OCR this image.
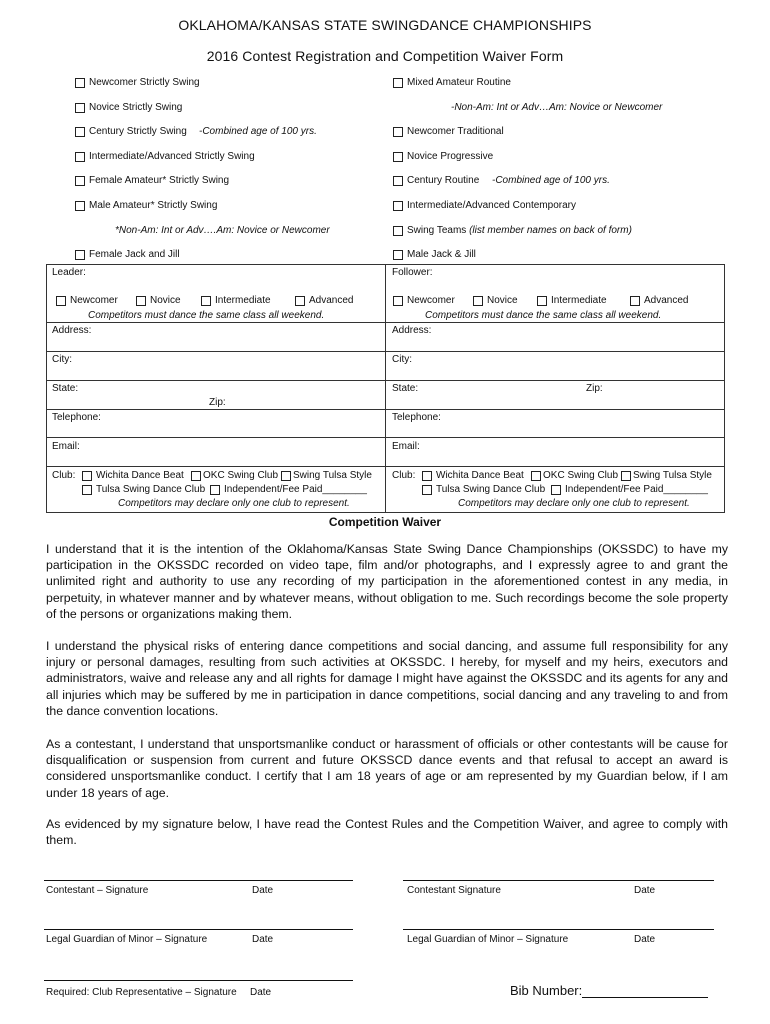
OKLAHOMA/KANSAS STATE SWINGDANCE CHAMPIONSHIPS
2016 Contest Registration and Competition Waiver Form
Newcomer Strictly Swing
Novice Strictly Swing
Century Strictly Swing -Combined age of 100 yrs.
Intermediate/Advanced Strictly Swing
Female Amateur* Strictly Swing
Male Amateur* Strictly Swing
*Non-Am: Int or Adv….Am: Novice or Newcomer
Female Jack and Jill
Mixed Amateur Routine
-Non-Am: Int or Adv…Am: Novice or Newcomer
Newcomer Traditional
Novice Progressive
Century Routine -Combined age of 100 yrs.
Intermediate/Advanced Contemporary
Swing Teams
(list member names on back of form)
Male Jack & Jill
Leader:
Newcomer	Novice	Intermediate	Advanced
Competitors must dance the same class all weekend.
Address:
City:
State:
Zip:
Telephone:
Email:
Club: Wichita Dance Beat OKC Swing Club Swing Tulsa Style
Tulsa Swing Dance Club Independent/Fee Paid________
Competitors may declare only one club to represent.
Follower:
Newcomer	Novice	Intermediate	Advanced
Competitors must dance the same class all weekend.
Address:
City:
State:	Zip:
Telephone:
Email:
Club: Wichita Dance Beat OKC Swing Club Swing Tulsa Style
Tulsa Swing Dance Club Independent/Fee Paid________
Competitors may declare only one club to represent.
Competition Waiver
I understand that it is the intention of the Oklahoma/Kansas State Swing Dance Championships (OKSSDC) to have my participation in the OKSSDC recorded on video tape, film and/or photographs, and I expressly agree to and grant the unlimited right and authority to use any recording of my participation in the aforementioned contest in any media, in perpetuity, in whatever manner and by whatever means, without obligation to me. Such recordings become the sole property of the persons or organizations making them.
I understand the physical risks of entering dance competitions and social dancing, and assume full responsibility for any injury or personal damages, resulting from such activities at OKSSDC. I hereby, for myself and my heirs, executors and administrators, waive and release any and all rights for damage I might have against the OKSSDC and its agents for any and all injuries which may be suffered by me in participation in dance competitions, social dancing and any traveling to and from the dance convention locations.
As a contestant, I understand that unsportsmanlike conduct or harassment of officials or other contestants will be cause for disqualification or suspension from current and future OKSSCD dance events and that refusal to accept an award is considered unsportsmanlike conduct. I certify that I am 18 years of age or am represented by my Guardian below, if I am under 18 years of age.
As evidenced by my signature below, I have read the Contest Rules and the Competition Waiver, and agree to comply with them.
Contestant – Signature	Date	Contestant Signature	Date
Legal Guardian of Minor – Signature	Date	Legal Guardian of Minor – Signature	Date
Required: Club Representative – Signature Date	Bib Number:
